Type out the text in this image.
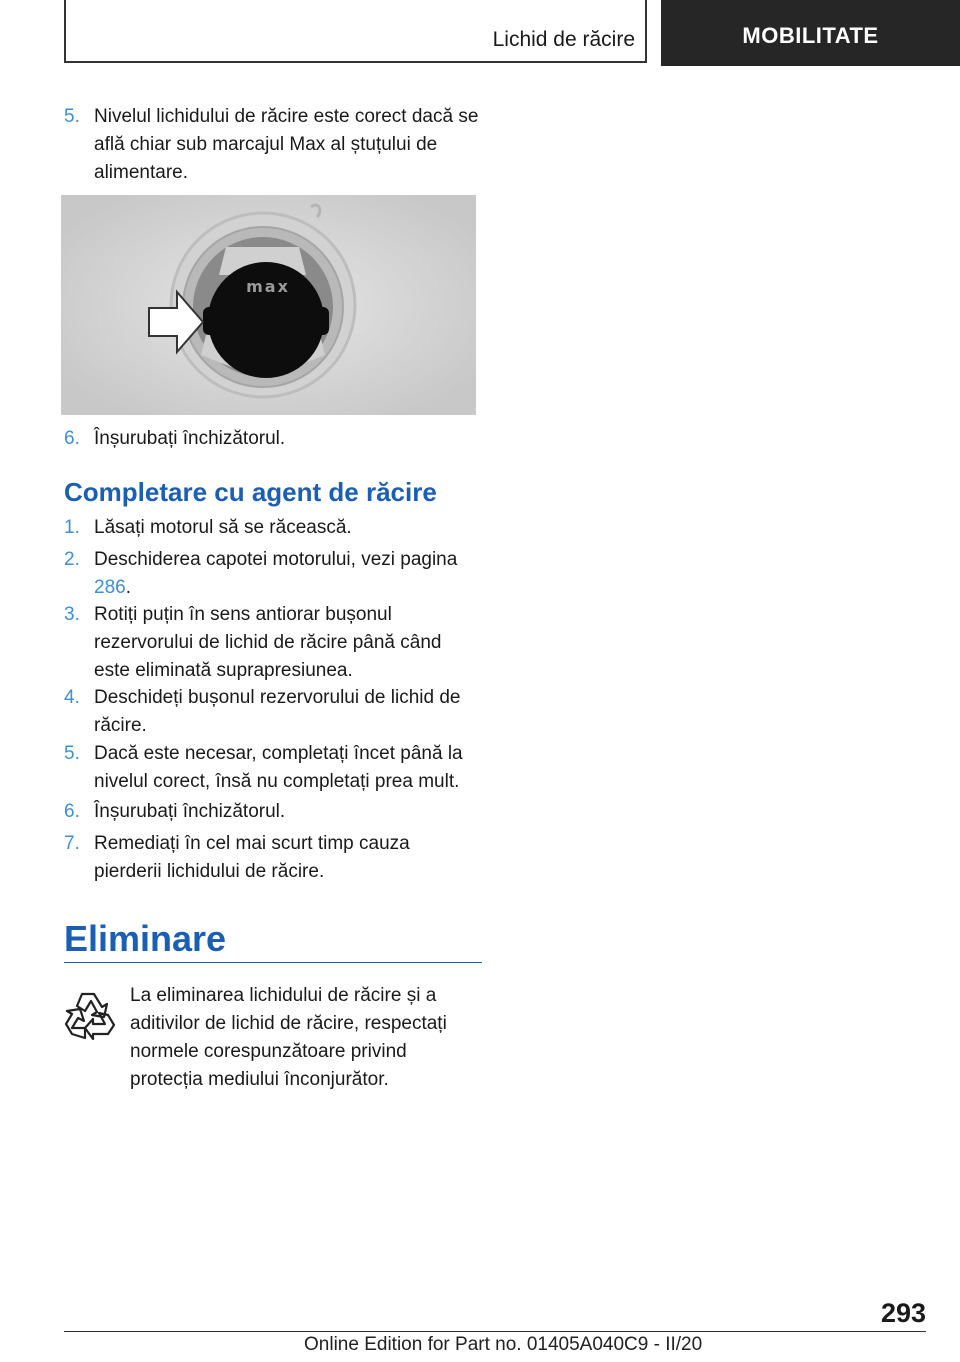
Lichid de răcire	MOBILITATE
5. Nivelul lichidului de răcire este corect dacă se află chiar sub marcajul Max al ștuțului de alimentare.
max
6. Înșurubați închizătorul.
Completare cu agent de răcire
1. Lăsați motorul să se răcească.
2. Deschiderea capotei motorului, vezi pagina 286.
3. Rotiți puțin în sens antiorar bușonul rezervorului de lichid de răcire până când este eliminată suprapresiunea.
4. Deschideți bușonul rezervorului de lichid de răcire.
5. Dacă este necesar, completați încet până la nivelul corect, însă nu completați prea mult.
6. Înșurubați închizătorul.
7. Remediați în cel mai scurt timp cauza pierderii lichidului de răcire.
Eliminare
La eliminarea lichidului de răcire și a aditivilor de lichid de răcire, respectați normele corespunzătoare privind protecția mediului înconjurător.
293
Online Edition for Part no. 01405A040C9 - II/20
